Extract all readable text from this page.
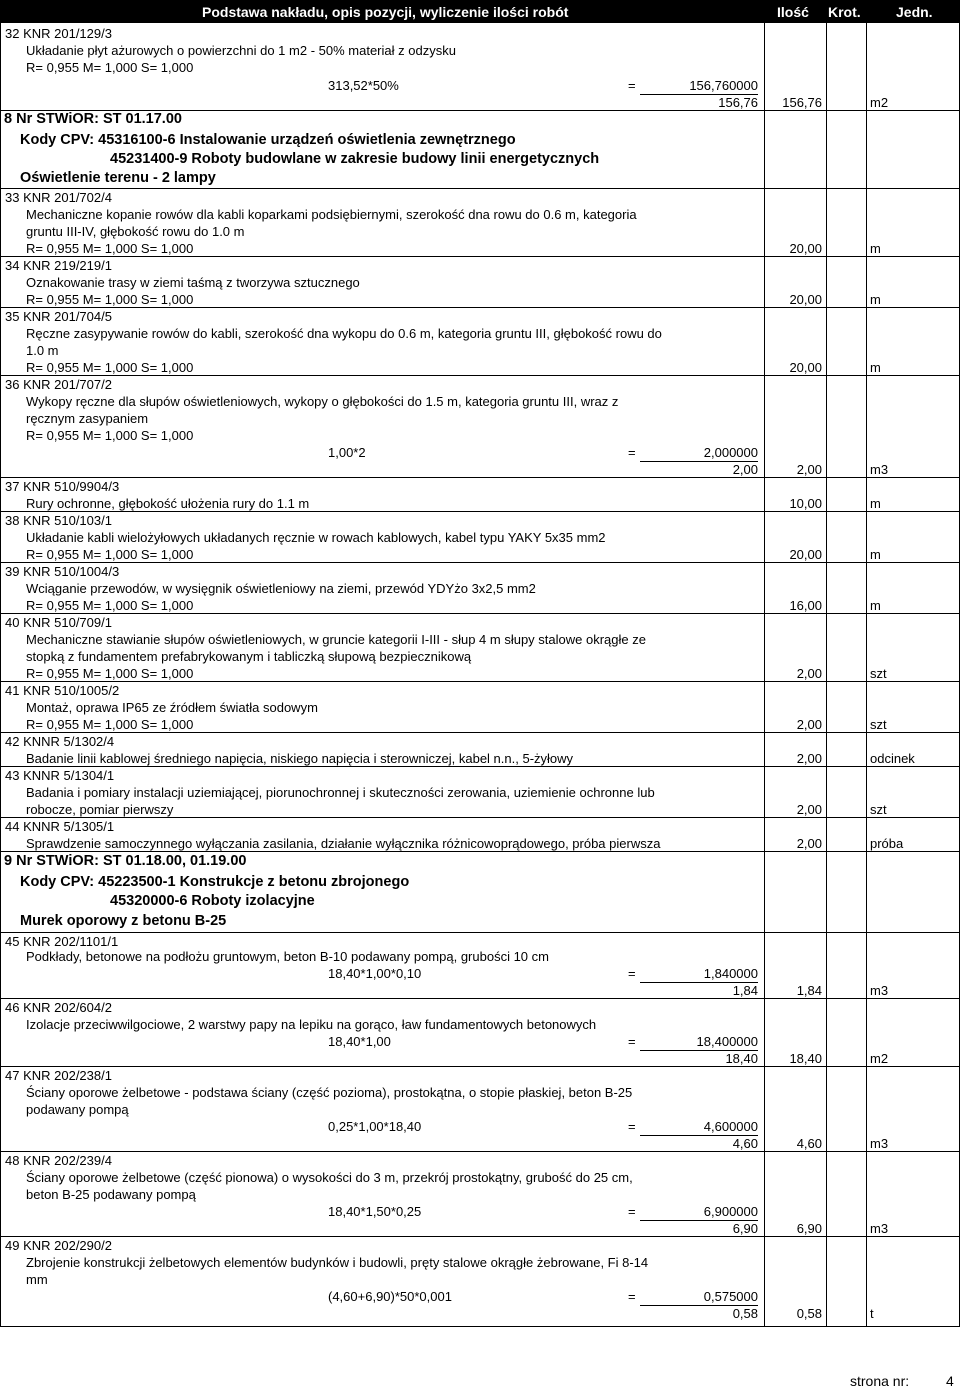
Podstawa nakładu, opis pozycji, wyliczenie ilości robót	Ilość Krot.	Jedn.
32 KNR 201/129/3
Układanie płyt ażurowych o powierzchni do 1 m2 - 50% materiał z odzysku
R= 0,955 M= 1,000 S= 1,000
313,52*50%	=	156,760000
156,76	156,76	m2
8 Nr STWiOR: ST 01.17.00
Kody CPV: 45316100-6 Instalowanie urządzeń oświetlenia zewnętrznego
45231400-9 Roboty budowlane w zakresie budowy linii energetycznych
Oświetlenie terenu - 2 lampy
33 KNR 201/702/4
Mechaniczne kopanie rowów dla kabli koparkami podsiębiernymi, szerokość dna rowu do 0.6 m, kategoria
gruntu III-IV, głębokość rowu do 1.0 m
R= 0,955 M= 1,000 S= 1,000	20,00	m
34 KNR 219/219/1
Oznakowanie trasy w ziemi taśmą z tworzywa sztucznego
R= 0,955 M= 1,000 S= 1,000	20,00	m
35 KNR 201/704/5
Ręczne zasypywanie rowów do kabli, szerokość dna wykopu do 0.6 m, kategoria gruntu III, głębokość rowu do
1.0 m
R= 0,955 M= 1,000 S= 1,000	20,00	m
36 KNR 201/707/2
Wykopy ręczne dla słupów oświetleniowych, wykopy o głębokości do 1.5 m, kategoria gruntu III, wraz z
ręcznym zasypaniem
R= 0,955 M= 1,000 S= 1,000
1,00*2	=	2,000000
2,00	2,00	m3
37 KNR 510/9904/3
Rury ochronne, głębokość ułożenia rury do 1.1 m	10,00	m
38 KNR 510/103/1
Układanie kabli wielożyłowych układanych ręcznie w rowach kablowych, kabel typu YAKY 5x35 mm2
R= 0,955 M= 1,000 S= 1,000	20,00	m
39 KNR 510/1004/3
Wciąganie przewodów, w wysięgnik oświetleniowy na ziemi, przewód YDYżo 3x2,5 mm2
R= 0,955 M= 1,000 S= 1,000	16,00	m
40 KNR 510/709/1
Mechaniczne stawianie słupów oświetleniowych, w gruncie kategorii I-III - słup 4 m słupy stalowe okrągłe ze
stopką z fundamentem prefabrykowanym i tabliczką słupową bezpiecznikową
R= 0,955 M= 1,000 S= 1,000	2,00	szt
41 KNR 510/1005/2
Montaż, oprawa IP65 ze źródłem światła sodowym
R= 0,955 M= 1,000 S= 1,000	2,00	szt
42 KNNR 5/1302/4
Badanie linii kablowej średniego napięcia, niskiego napięcia i sterowniczej, kabel n.n., 5-żyłowy	2,00	odcinek
43 KNNR 5/1304/1
Badania i pomiary instalacji uziemiającej, piorunochronnej i skuteczności zerowania, uziemienie ochronne lub
robocze, pomiar pierwszy	2,00	szt
44 KNNR 5/1305/1
Sprawdzenie samoczynnego wyłączania zasilania, działanie wyłącznika różnicowoprądowego, próba pierwsza	2,00	próba
9 Nr STWiOR: ST 01.18.00, 01.19.00
Kody CPV: 45223500-1 Konstrukcje z betonu zbrojonego
45320000-6 Roboty izolacyjne
Murek oporowy z betonu B-25
45 KNR 202/1101/1
Podkłady, betonowe na podłożu gruntowym, beton B-10 podawany pompą, grubości 10 cm
18,40*1,00*0,10	=	1,840000
1,84	1,84	m3
46 KNR 202/604/2
Izolacje przeciwwilgociowe, 2 warstwy papy na lepiku na gorąco, ław fundamentowych betonowych
18,40*1,00	=	18,400000
18,40	18,40	m2
47 KNR 202/238/1
Ściany oporowe żelbetowe - podstawa ściany (część pozioma), prostokątna, o stopie płaskiej, beton B-25
podawany pompą
0,25*1,00*18,40	=	4,600000
4,60	4,60	m3
48 KNR 202/239/4
Ściany oporowe żelbetowe (część pionowa) o wysokości do 3 m, przekrój prostokątny, grubość do 25 cm,
beton B-25 podawany pompą
18,40*1,50*0,25	=	6,900000
6,90	6,90	m3
49 KNR 202/290/2
Zbrojenie konstrukcji żelbetowych elementów budynków i budowli, pręty stalowe okrągłe żebrowane, Fi 8-14
mm
(4,60+6,90)*50*0,001	=	0,575000
0,58	0,58	t
strona nr:	4
